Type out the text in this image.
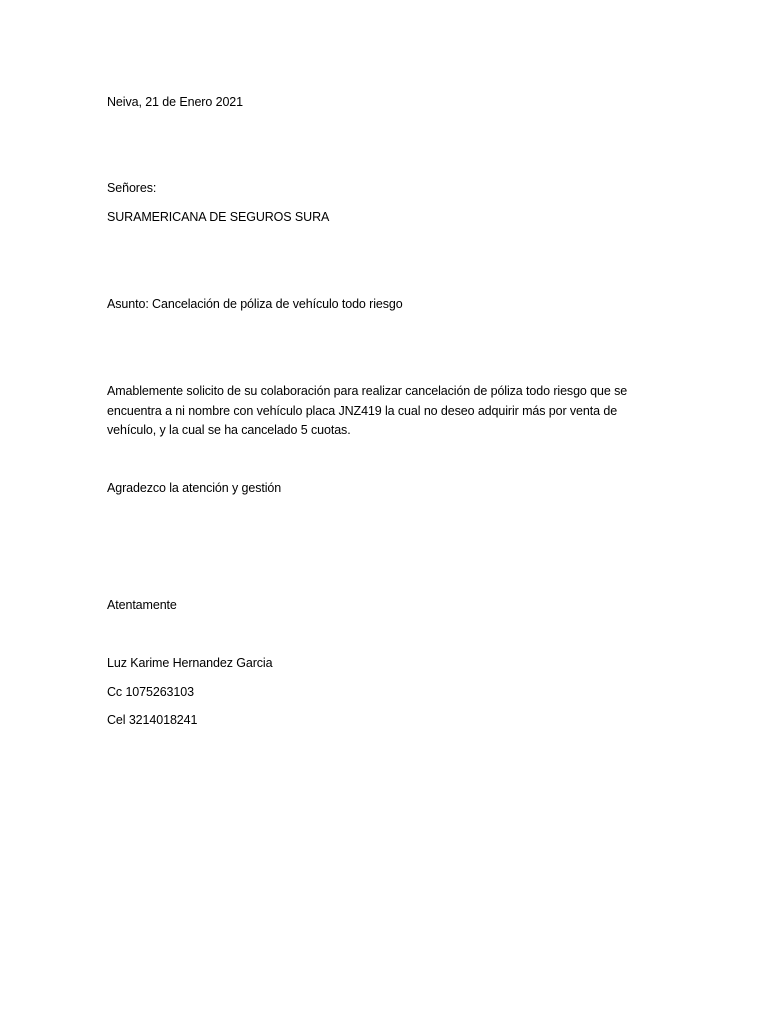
Neiva, 21 de Enero 2021
Señores:
SURAMERICANA DE SEGUROS SURA
Asunto: Cancelación de póliza de vehículo todo riesgo
Amablemente solicito de su colaboración para realizar cancelación de póliza todo riesgo que se
encuentra a ni nombre con vehículo placa JNZ419 la cual no deseo adquirir más por venta de
vehículo, y la cual se ha cancelado 5 cuotas.
Agradezco la atención y gestión
Atentamente
Luz Karime Hernandez Garcia
Cc 1075263103
Cel 3214018241
